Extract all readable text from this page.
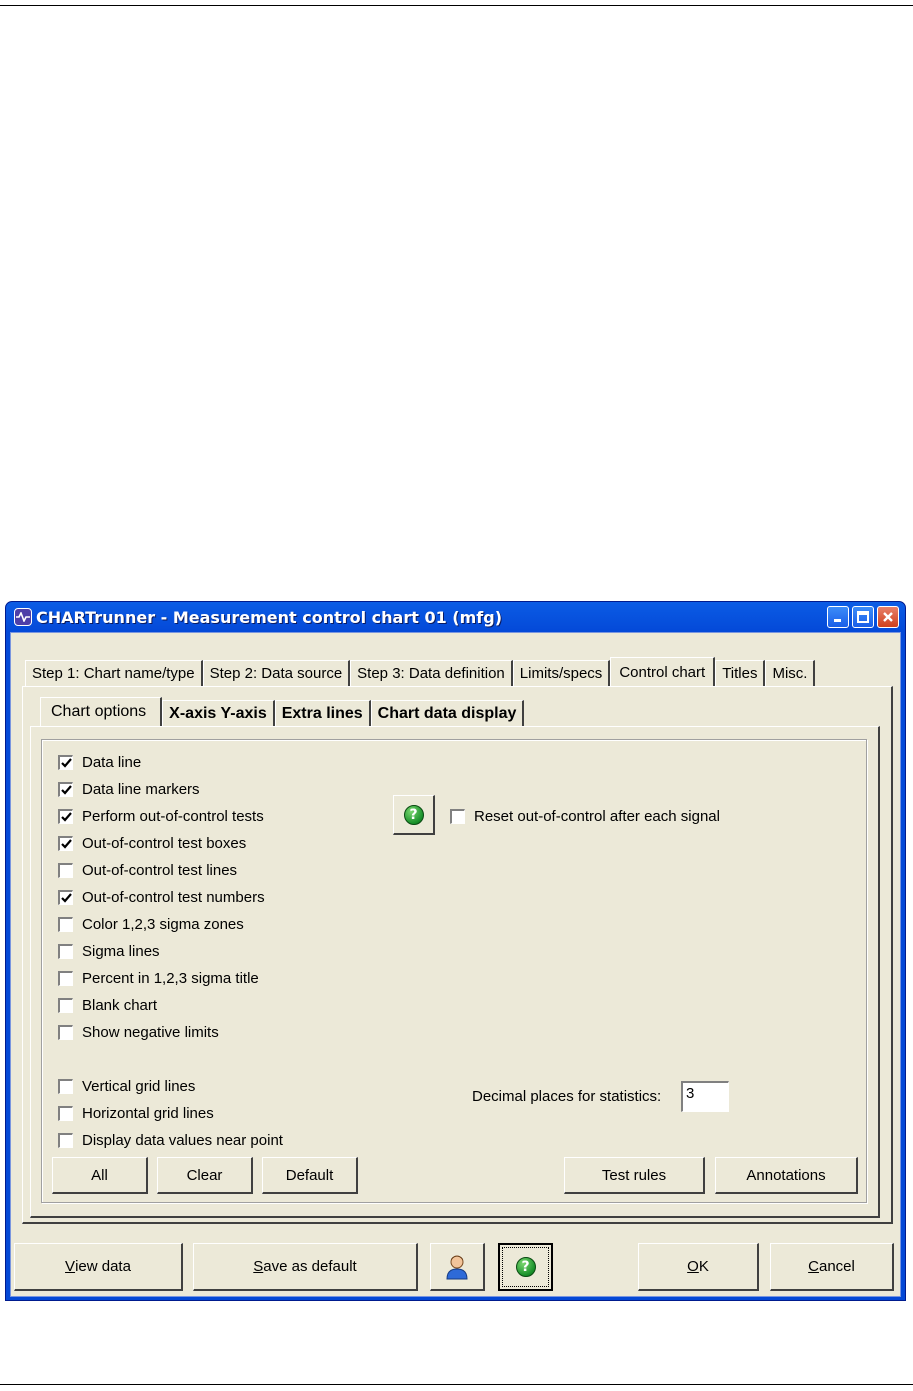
CHARTrunner - Measurement control chart 01 (mfg)
Step 1: Chart name/type	Step 2: Data source	Step 3: Data definition	Limits/specs	Control chart	Titles	Misc.
Chart options	X-axis Y-axis Extra lines Chart data display
Data line
Data line markers
Perform out-of-control tests
Out-of-control test boxes
Out-of-control test lines
Out-of-control test numbers
Color 1,2,3 sigma zones
Sigma lines
Percent in 1,2,3 sigma title
Blank chart
Show negative limits
Vertical grid lines
Horizontal grid lines
Display data values near point
?	Reset out-of-control after each signal
Decimal places for statistics:	3
All	Clear	Default	Test rules	Annotations
V iew data	S ave as default	?	O K	C ancel
